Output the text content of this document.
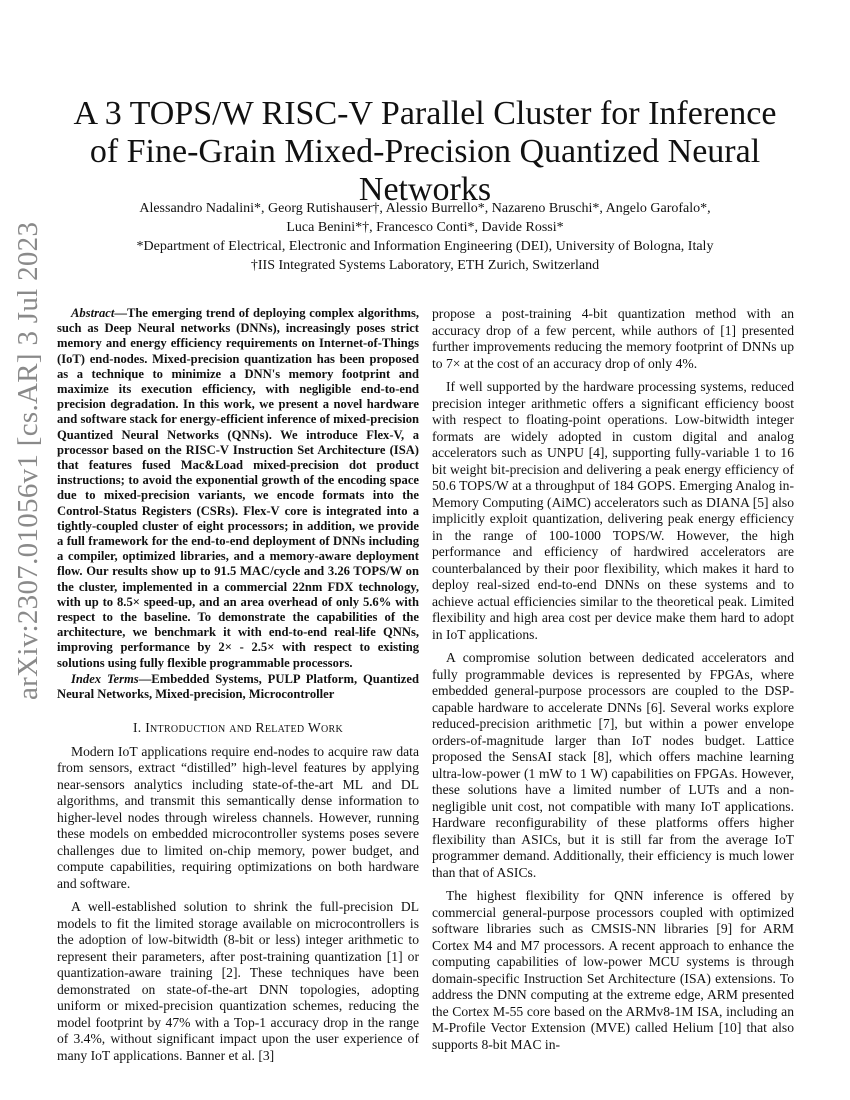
arXiv:2307.01056v1 [cs.AR] 3 Jul 2023
A 3 TOPS/W RISC-V Parallel Cluster for Inference of Fine-Grain Mixed-Precision Quantized Neural Networks
Alessandro Nadalini*, Georg Rutishauser†, Alessio Burrello*, Nazareno Bruschi*, Angelo Garofalo*,
Luca Benini*†, Francesco Conti*, Davide Rossi*
*Department of Electrical, Electronic and Information Engineering (DEI), University of Bologna, Italy
†IIS Integrated Systems Laboratory, ETH Zurich, Switzerland

Abstract—The emerging trend of deploying complex algorithms, such as Deep Neural networks (DNNs), increasingly poses strict memory and energy efficiency requirements on Internet-of-Things (IoT) end-nodes. Mixed-precision quantization has been proposed as a technique to minimize a DNN's memory footprint and maximize its execution efficiency, with negligible end-to-end precision degradation. In this work, we present a novel hardware and software stack for energy-efficient inference of mixed-precision Quantized Neural Networks (QNNs). We introduce Flex-V, a processor based on the RISC-V Instruction Set Architecture (ISA) that features fused Mac&Load mixed-precision dot product instructions; to avoid the exponential growth of the encoding space due to mixed-precision variants, we encode formats into the Control-Status Registers (CSRs). Flex-V core is integrated into a tightly-coupled cluster of eight processors; in addition, we provide a full framework for the end-to-end deployment of DNNs including a compiler, optimized libraries, and a memory-aware deployment flow. Our results show up to 91.5 MAC/cycle and 3.26 TOPS/W on the cluster, implemented in a commercial 22nm FDX technology, with up to 8.5× speed-up, and an area overhead of only 5.6% with respect to the baseline. To demonstrate the capabilities of the architecture, we benchmark it with end-to-end real-life QNNs, improving performance by 2× - 2.5× with respect to existing solutions using fully flexible programmable processors.

Index Terms—Embedded Systems, PULP Platform, Quantized Neural Networks, Mixed-precision, Microcontroller

I. Introduction and Related Work

Modern IoT applications require end-nodes to acquire raw data from sensors, extract “distilled” high-level features by applying near-sensors analytics including state-of-the-art ML and DL algorithms, and transmit this semantically dense information to higher-level nodes through wireless channels. However, running these models on embedded microcontroller systems poses severe challenges due to limited on-chip memory, power budget, and compute capabilities, requiring optimizations on both hardware and software.

A well-established solution to shrink the full-precision DL models to fit the limited storage available on microcontrollers is the adoption of low-bitwidth (8-bit or less) integer arithmetic to represent their parameters, after post-training quantization [1] or quantization-aware training [2]. These techniques have been demonstrated on state-of-the-art DNN topologies, adopting uniform or mixed-precision quantization schemes, reducing the model footprint by 47% with a Top-1 accuracy drop in the range of 3.4%, without significant impact upon the user experience of many IoT applications. Banner et al. [3]

propose a post-training 4-bit quantization method with an accuracy drop of a few percent, while authors of [1] presented further improvements reducing the memory footprint of DNNs up to 7× at the cost of an accuracy drop of only 4%.

If well supported by the hardware processing systems, reduced precision integer arithmetic offers a significant efficiency boost with respect to floating-point operations. Low-bitwidth integer formats are widely adopted in custom digital and analog accelerators such as UNPU [4], supporting fully-variable 1 to 16 bit weight bit-precision and delivering a peak energy efficiency of 50.6 TOPS/W at a throughput of 184 GOPS. Emerging Analog in-Memory Computing (AiMC) accelerators such as DIANA [5] also implicitly exploit quantization, delivering peak energy efficiency in the range of 100-1000 TOPS/W. However, the high performance and efficiency of hardwired accelerators are counterbalanced by their poor flexibility, which makes it hard to deploy real-sized end-to-end DNNs on these systems and to achieve actual efficiencies similar to the theoretical peak. Limited flexibility and high area cost per device make them hard to adopt in IoT applications.

A compromise solution between dedicated accelerators and fully programmable devices is represented by FPGAs, where embedded general-purpose processors are coupled to the DSP-capable hardware to accelerate DNNs [6]. Several works explore reduced-precision arithmetic [7], but within a power envelope orders-of-magnitude larger than IoT nodes budget. Lattice proposed the SensAI stack [8], which offers machine learning ultra-low-power (1 mW to 1 W) capabilities on FPGAs. However, these solutions have a limited number of LUTs and a non-negligible unit cost, not compatible with many IoT applications. Hardware reconfigurability of these platforms offers higher flexibility than ASICs, but it is still far from the average IoT programmer demand. Additionally, their efficiency is much lower than that of ASICs.

The highest flexibility for QNN inference is offered by commercial general-purpose processors coupled with optimized software libraries such as CMSIS-NN libraries [9] for ARM Cortex M4 and M7 processors. A recent approach to enhance the computing capabilities of low-power MCU systems is through domain-specific Instruction Set Architecture (ISA) extensions. To address the DNN computing at the extreme edge, ARM presented the Cortex M-55 core based on the ARMv8-1M ISA, including an M-Profile Vector Extension (MVE) called Helium [10] that also supports 8-bit MAC in-
